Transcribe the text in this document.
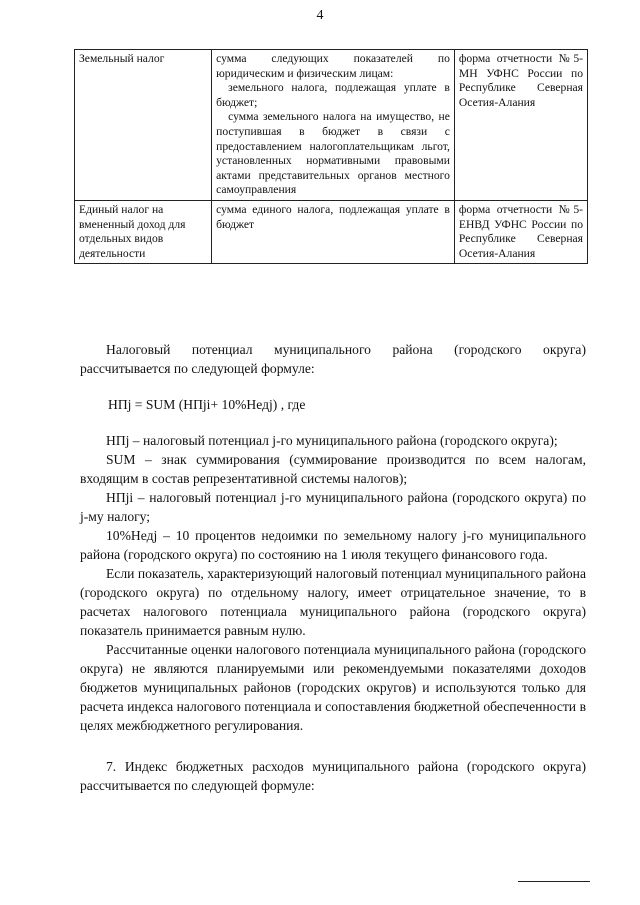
4
Земельный налог	сумма следующих показателей по юридическим и физическим лицам:
земельного налога, подлежащая уплате в бюджет;
сумма земельного налога на имущество, не поступившая в бюджет в связи с предоставлением налогоплательщикам льгот, установленных нормативными правовыми актами представительных органов местного самоуправления	форма отчетности №5-МН УФНС России по Республике Северная Осетия-Алания
Единый налог на вмененный доход для отдельных видов деятельности	сумма единого налога, подлежащая уплате в бюджет	форма отчетности №5-ЕНВД УФНС России по Республике Северная Осетия-Алания

Налоговый потенциал муниципального района (городского округа) рассчитывается по следующей формуле:

НПj = SUM (НПji+ 10%Недj) , где

НПj – налоговый потенциал j-го муниципального района (городского округа);

SUM – знак суммирования (суммирование производится по всем налогам, входящим в состав репрезентативной системы налогов);

НПji – налоговый потенциал j-го муниципального района (городского округа) по j-му налогу;

10%Недj – 10 процентов недоимки по земельному налогу j-го муниципального района (городского округа) по состоянию на 1 июля текущего финансового года.

Если показатель, характеризующий налоговый потенциал муниципального района (городского округа) по отдельному налогу, имеет отрицательное значение, то в расчетах налогового потенциала муниципального района (городского округа) показатель принимается равным нулю.

Рассчитанные оценки налогового потенциала муниципального района (городского округа) не являются планируемыми или рекомендуемыми показателями доходов бюджетов муниципальных районов (городских округов) и используются только для расчета индекса налогового потенциала и сопоставления бюджетной обеспеченности в целях межбюджетного регулирования.

7. Индекс бюджетных расходов муниципального района (городского округа) рассчитывается по следующей формуле:
